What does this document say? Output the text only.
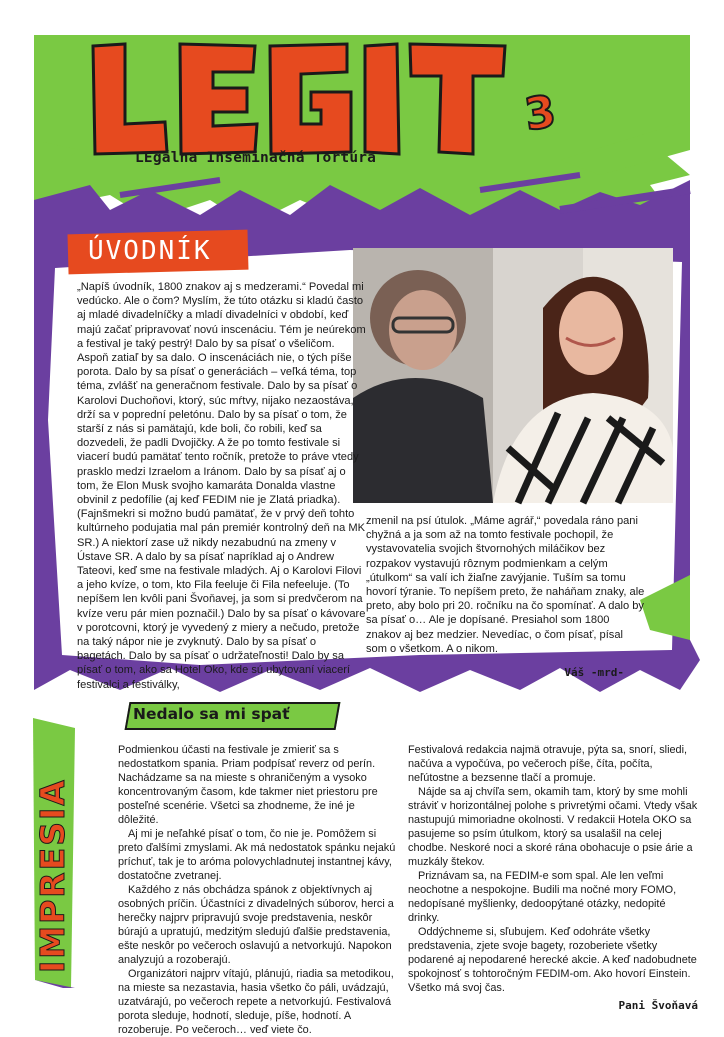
LEGIT
3
LEgálna Inseminačná Tortúra
ÚVODNÍK

„Napíš úvodník, 1800 znakov aj s medzerami.“ Povedal mi vedúcko. Ale o čom? Myslím, že túto otázku si kladú často aj mladé divadelníčky a mladí divadelníci v období, keď majú začať pripravovať novú inscenáciu. Tém je neúrekom a festival je taký pestrý! Dalo by sa písať o všeličom. Aspoň zatiaľ by sa dalo. O inscenáciách nie, o tých píše porota. Dalo by sa písať o generáciách – veľká téma, top téma, zvlášť na generačnom festivale. Dalo by sa písať o Karolovi Duchoňovi, ktorý, súc mŕtvy, nijako nezaostáva, drží sa v poprední peletónu. Dalo by sa písať o tom, že starší z nás si pamätajú, kde boli, čo robili, keď sa dozvedeli, že padli Dvojičky. A že po tomto festivale si viacerí budú pamätať tento ročník, pretože to práve vtedy prasklo medzi Izraelom a Iránom. Dalo by sa písať aj o tom, že Elon Musk svojho kamaráta Donalda vlastne obvinil z pedofílie (aj keď FEDIM nie je Zlatá priadka). (Fajnšmekri si možno budú pamätať, že v prvý deň tohto kultúrneho podujatia mal pán premiér kontrolný deň na MK SR.) A niektorí zase už nikdy nezabudnú na zmeny v Ústave SR. A dalo by sa písať napríklad aj o Andrew Tateovi, keď sme na festivale mladých. Aj o Karolovi Filovi a jeho kvíze, o tom, kto Fila feeluje či Fila nefeeluje. (To nepíšem len kvôli pani Švoňavej, ja som si predvčerom na kvíze veru pár mien poznačil.) Dalo by sa písať o kávovare v porotcovni, ktorý je vyvedený z miery a nečudo, pretože na taký nápor nie je zvyknutý. Dalo by sa písať o bagetách. Dalo by sa písať o udržateľnosti! Dalo by sa písať o tom, ako sa Hotel Oko, kde sú ubytovaní viacerí festivalci a festiválky,

zmenil na psí útulok. „Máme agrář,“ povedala ráno pani chyžná a ja som až na tomto festivale pochopil, že vystavovatelia svojich štvornohých miláčikov bez rozpakov vystavujú rôznym podmienkam a celým „útulkom“ sa valí ich žiaľne zavýjanie. Tuším sa tomu hovorí týranie. To nepíšem preto, že naháňam znaky, ale preto, aby bolo pri 20. ročníku na čo spomínať. A dalo by sa písať o… Ale je dopísané. Presiahol som 1800 znakov aj bez medzier. Nevedíac, o čom písať, písal som o všetkom. A o nikom.

Váš -mrd-

Nedalo sa mi spať
IMPRESIA

Podmienkou účasti na festivale je zmieriť sa s nedostatkom spania. Priam podpísať reverz od perín. Nachádzame sa na mieste s ohraničeným a vysoko koncentrovaným časom, kde takmer niet priestoru pre posteľné scenérie. Všetci sa zhodneme, že iné je dôležité.

Aj mi je neľahké písať o tom, čo nie je. Pomôžem si preto ďalšími zmyslami. Ak má nedostatok spánku nejakú príchuť, tak je to aróma polovychladnutej instantnej kávy, dostatočne zvetranej.

Každého z nás obchádza spánok z objektívnych aj osobných príčin. Účastníci z divadelných súborov, herci a herečky najprv pripravujú svoje predstavenia, neskôr búrajú a upratujú, medzitým sledujú ďalšie predstavenia, ešte neskôr po večeroch oslavujú a netvorkujú. Napokon analyzujú a rozoberajú.

Organizátori najprv vítajú, plánujú, riadia sa metodikou, na mieste sa nezastavia, hasia všetko čo páli, uvádzajú, uzatvárajú, po večeroch repete a netvorkujú. Festivalová porota sleduje, hodnotí, sleduje, píše, hodnotí. A rozoberuje. Po večeroch… veď viete čo.

Festivalová redakcia najmä otravuje, pýta sa, snorí, sliedi, načúva a vypočúva, po večeroch píše, číta, počíta, neľútostne a bezsenne tlačí a promuje.

Nájde sa aj chvíľa sem, okamih tam, ktorý by sme mohli stráviť v horizontálnej polohe s privretými očami. Vtedy však nastupujú mimoriadne okolnosti. V redakcii Hotela OKO sa pasujeme so psím útulkom, ktorý sa usalašil na celej chodbe. Neskoré noci a skoré rána obohacuje o psie árie a muzkály štekov.

Priznávam sa, na FEDIM-e som spal. Ale len veľmi neochotne a nespokojne. Budili ma nočné mory FOMO, nedopísané myšlienky, dedoopýtané otázky, nedopité drinky.

Oddýchneme si, sľubujem. Keď odohráte všetky predstavenia, zjete svoje bagety, rozoberiete všetky podarené aj nepodarené herecké akcie. A keď nadobudnete spokojnosť s tohtoročným FEDIM-om. Ako hovorí Einstein. Všetko má svoj čas.

Pani Švoňavá
